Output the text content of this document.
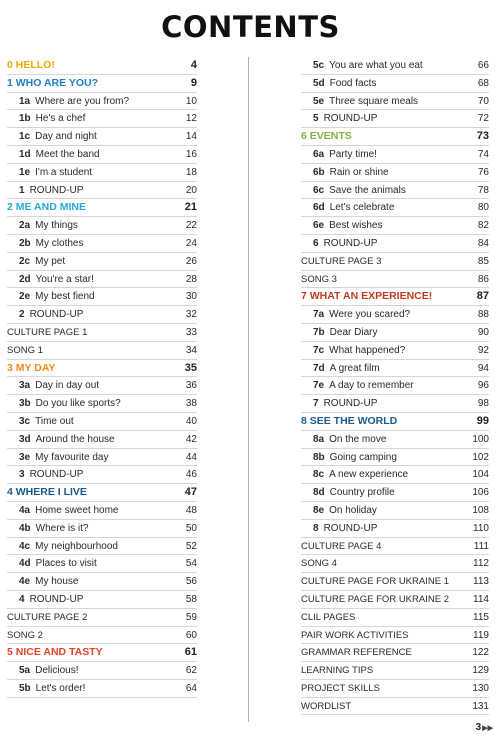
CONTENTS
0 HELLO!	4
1 WHO ARE YOU?	9
1a Where are you from?	10
1b He's a chef	12
1c Day and night	14
1d Meet the band	16
1e I'm a student	18
1 ROUND-UP	20
2 ME AND MINE	21
2a My things	22
2b My clothes	24
2c My pet	26
2d You're a star!	28
2e My best fiend	30
2 ROUND-UP	32
CULTURE PAGE 1	33
SONG 1	34
3 MY DAY	35
3a Day in day out	36
3b Do you like sports?	38
3c Time out	40
3d Around the house	42
3e My favourite day	44
3 ROUND-UP	46
4 WHERE I LIVE	47
4a Home sweet home	48
4b Where is it?	50
4c My neighbourhood	52
4d Places to visit	54
4e My house	56
4 ROUND-UP	58
CULTURE PAGE 2	59
SONG 2	60
5 NICE AND TASTY	61
5a Delicious!	62
5b Let's order!	64
5c You are what you eat	66
5d Food facts	68
5e Three square meals	70
5 ROUND-UP	72
6 EVENTS	73
6a Party time!	74
6b Rain or shine	76
6c Save the animals	78
6d Let's celebrate	80
6e Best wishes	82
6 ROUND-UP	84
CULTURE PAGE 3	85
SONG 3	86
7 WHAT AN EXPERIENCE!	87
7a Were you scared?	88
7b Dear Diary	90
7c What happened?	92
7d A great film	94
7e A day to remember	96
7 ROUND-UP	98
8 SEE THE WORLD	99
8a On the move	100
8b Going camping	102
8c A new experience	104
8d Country profile	106
8e On holiday	108
8 ROUND-UP	110
CULTURE PAGE 4	111
SONG 4	112
CULTURE PAGE FOR UKRAINE 1 113
CULTURE PAGE FOR UKRAINE 2 114
CLIL PAGES	115
PAIR WORK ACTIVITIES	119
GRAMMAR REFERENCE	122
LEARNING TIPS	129
PROJECT SKILLS	130
WORDLIST	131
3▶▶
